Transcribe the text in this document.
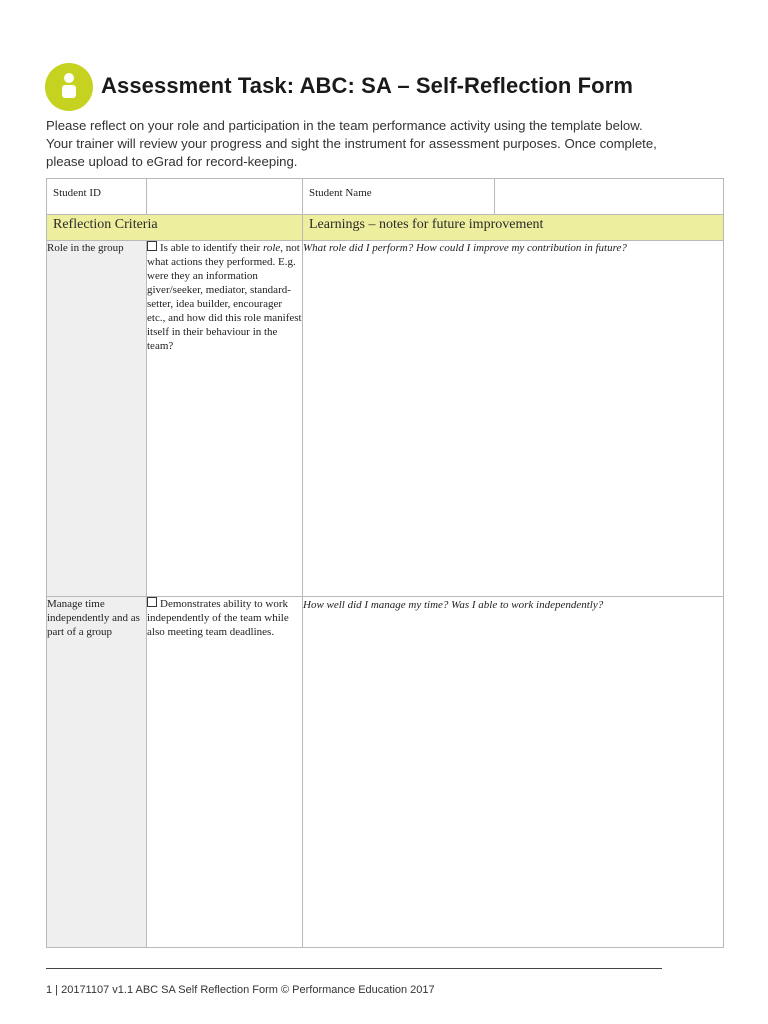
Assessment Task: ABC: SA – Self-Reflection Form

Please reflect on your role and participation in the team performance activity using the template below.

Your trainer will review your progress and sight the instrument for assessment purposes. Once complete,

please upload to eGrad for record-keeping.

Student ID		Student Name	
Reflection Criteria		Learnings – notes for future improvement	
Role in the group	Is able to identify their role, not what actions they performed. E.g. were they an information giver/seeker, mediator, standard-setter, idea builder, encourager etc., and how did this role manifest itself in their behaviour in the team?	What role did I perform? How could I improve my contribution in future?	
Manage time independently and as part of a group	Demonstrates ability to work independently of the team while also meeting team deadlines.	How well did I manage my time? Was I able to work independently?	
1 | 20171107 v1.1 ABC SA Self Reflection Form © Performance Education 2017
